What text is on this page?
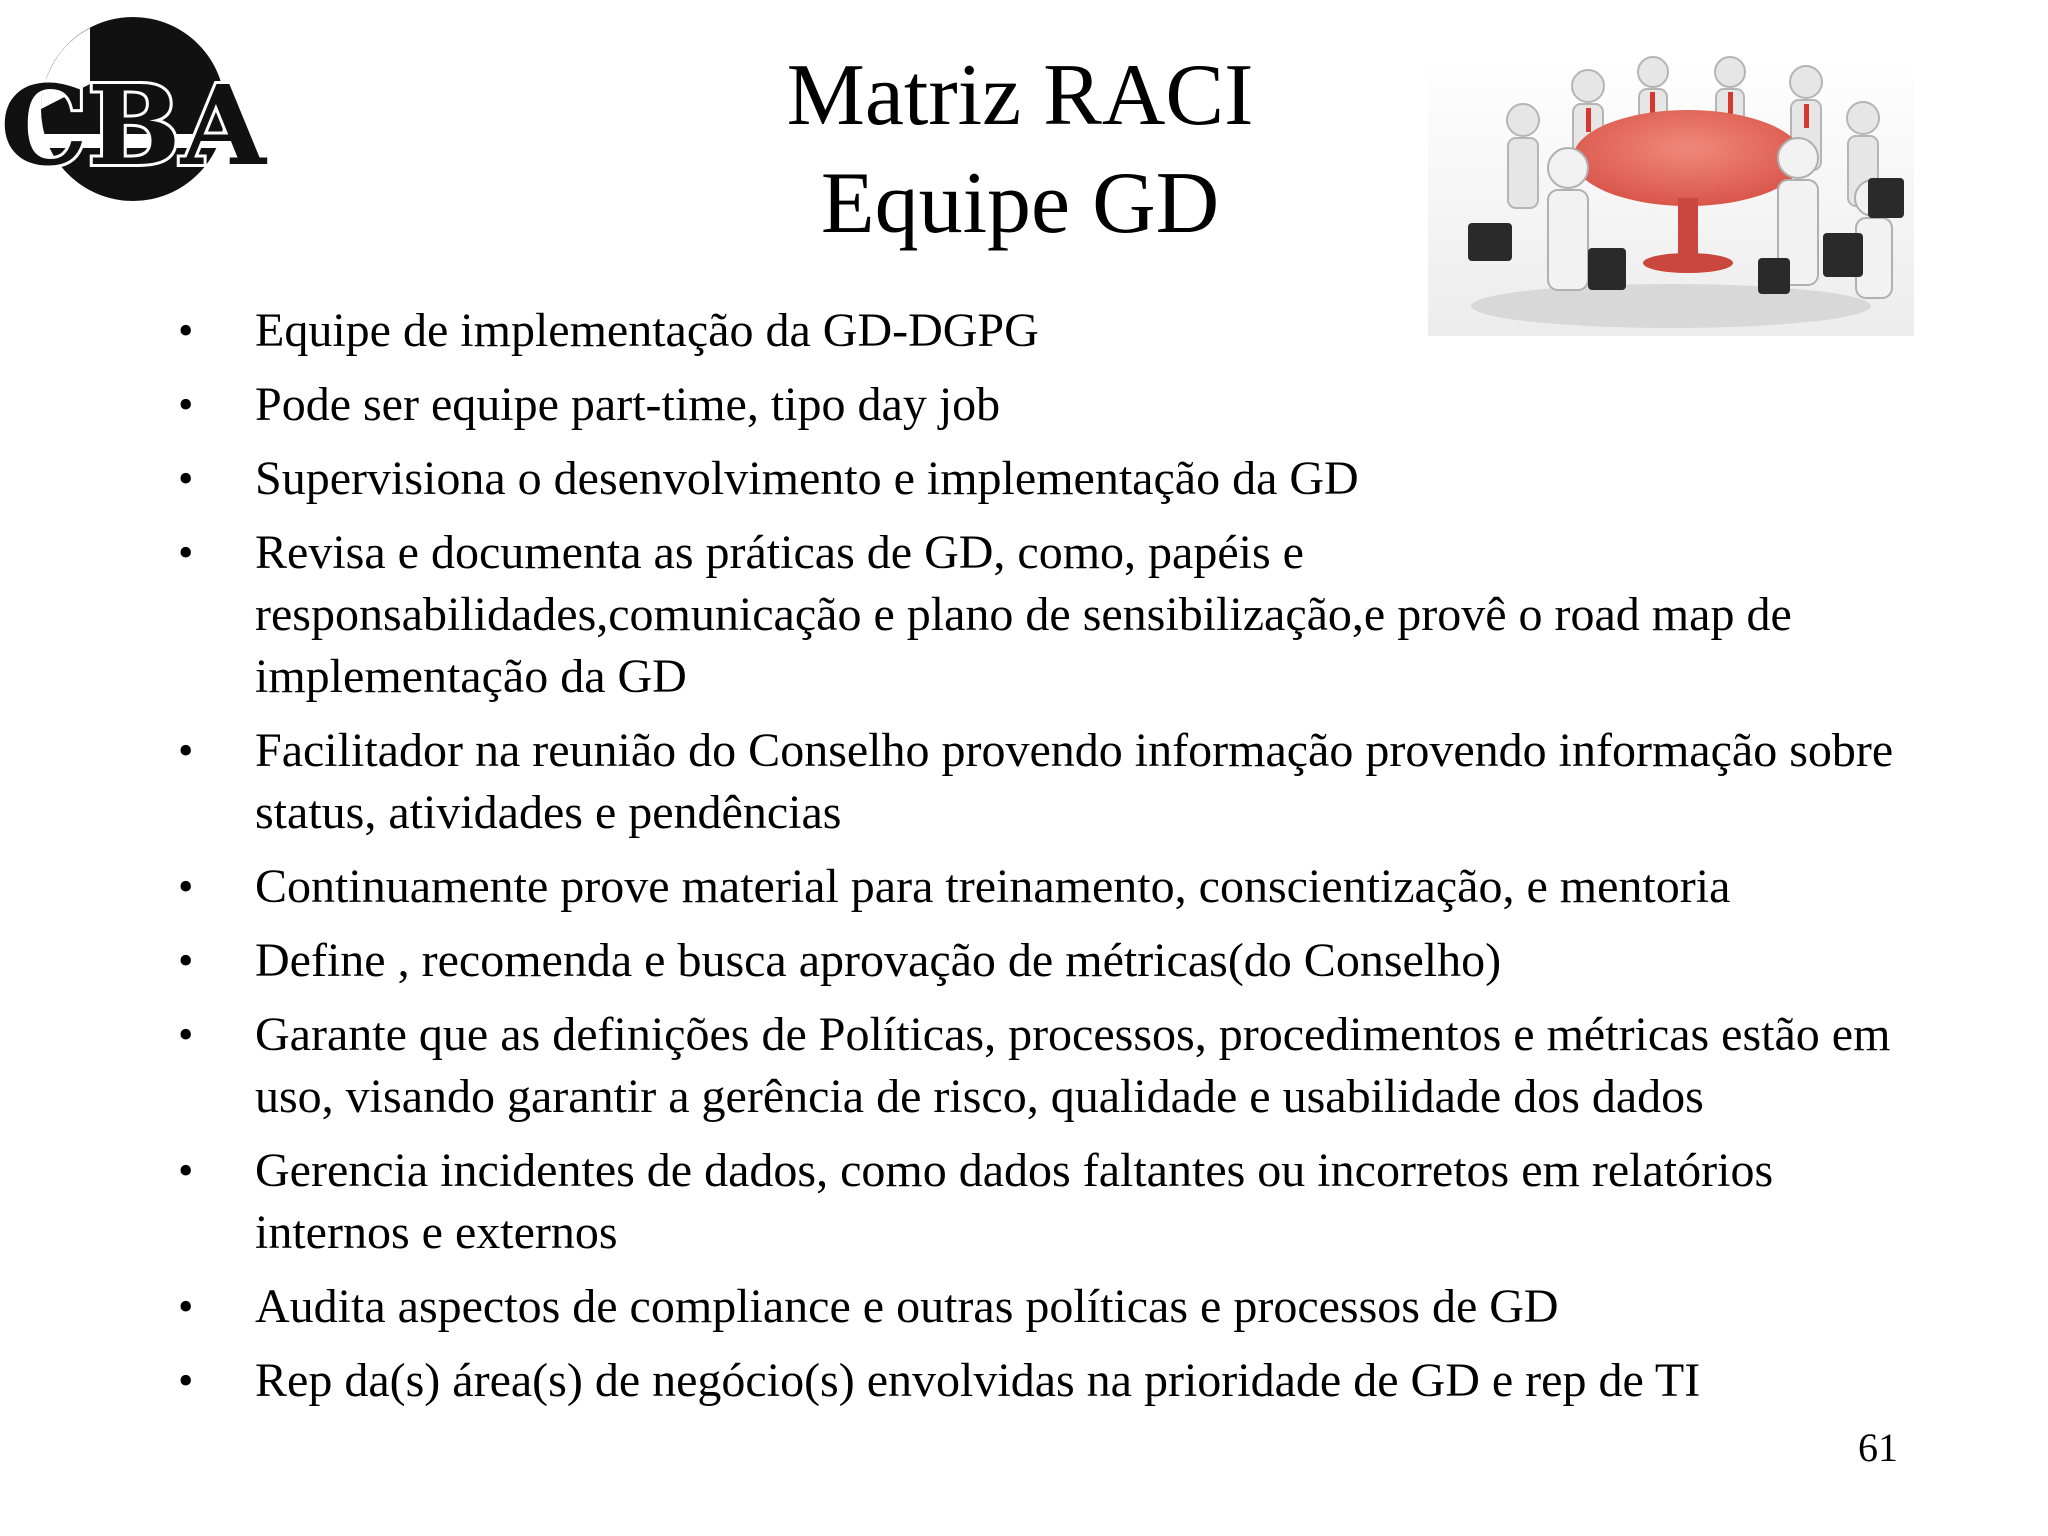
CBA	Matriz RACI
Equipe GD
• Equipe de implementação da GD-DGPG
• Pode ser equipe part-time, tipo day job
• Supervisiona o desenvolvimento e implementação da GD
• Revisa e documenta as práticas de GD, como, papéis e responsabilidades,comunicação e plano de sensibilização,e provê o road map de implementação da GD
• Facilitador na reunião do Conselho provendo informação provendo informação sobre status, atividades e pendências
• Continuamente prove material para treinamento, conscientização, e mentoria
• Define , recomenda e busca aprovação de métricas(do Conselho)
• Garante que as definições de Políticas, processos, procedimentos e métricas estão em uso, visando garantir a gerência de risco, qualidade e usabilidade dos dados
• Gerencia incidentes de dados, como dados faltantes ou incorretos em relatórios internos e externos
• Audita aspectos de compliance e outras políticas e processos de GD
• Rep da(s) área(s) de negócio(s) envolvidas na prioridade de GD e rep de TI
61
